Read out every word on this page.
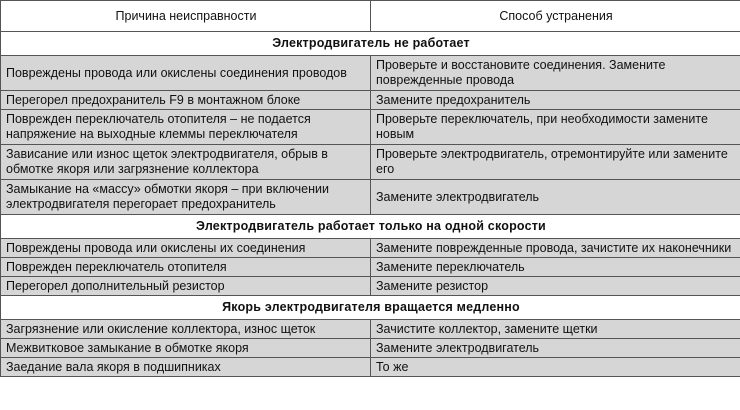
Причина неисправности	Способ устранения
Электродвигатель не работает	
Повреждены провода или окислены соединения проводов	Проверьте и восстановите соединения. Замените поврежденные провода
Перегорел предохранитель F9 в монтажном блоке	Замените предохранитель
Поврежден переключатель отопителя – не подается напряжение на выходные клеммы переключателя	Проверьте переключатель, при необходимости замените новым
Зависание или износ щеток электродвигателя, обрыв в обмотке якоря или загрязнение коллектора	Проверьте электродвигатель, отремонтируйте или замените его
Замыкание на «массу» обмотки якоря – при включении электродвигателя перегорает предохранитель	Замените электродвигатель
Электродвигатель работает только на одной скорости	
Повреждены провода или окислены их соединения	Замените поврежденные провода, зачистите их наконечники
Поврежден переключатель отопителя	Замените переключатель
Перегорел дополнительный резистор	Замените резистор
Якорь электродвигателя вращается медленно	
Загрязнение или окисление коллектора, износ щеток	Зачистите коллектор, замените щетки
Межвитковое замыкание в обмотке якоря	Замените электродвигатель
Заедание вала якоря в подшипниках	То же
